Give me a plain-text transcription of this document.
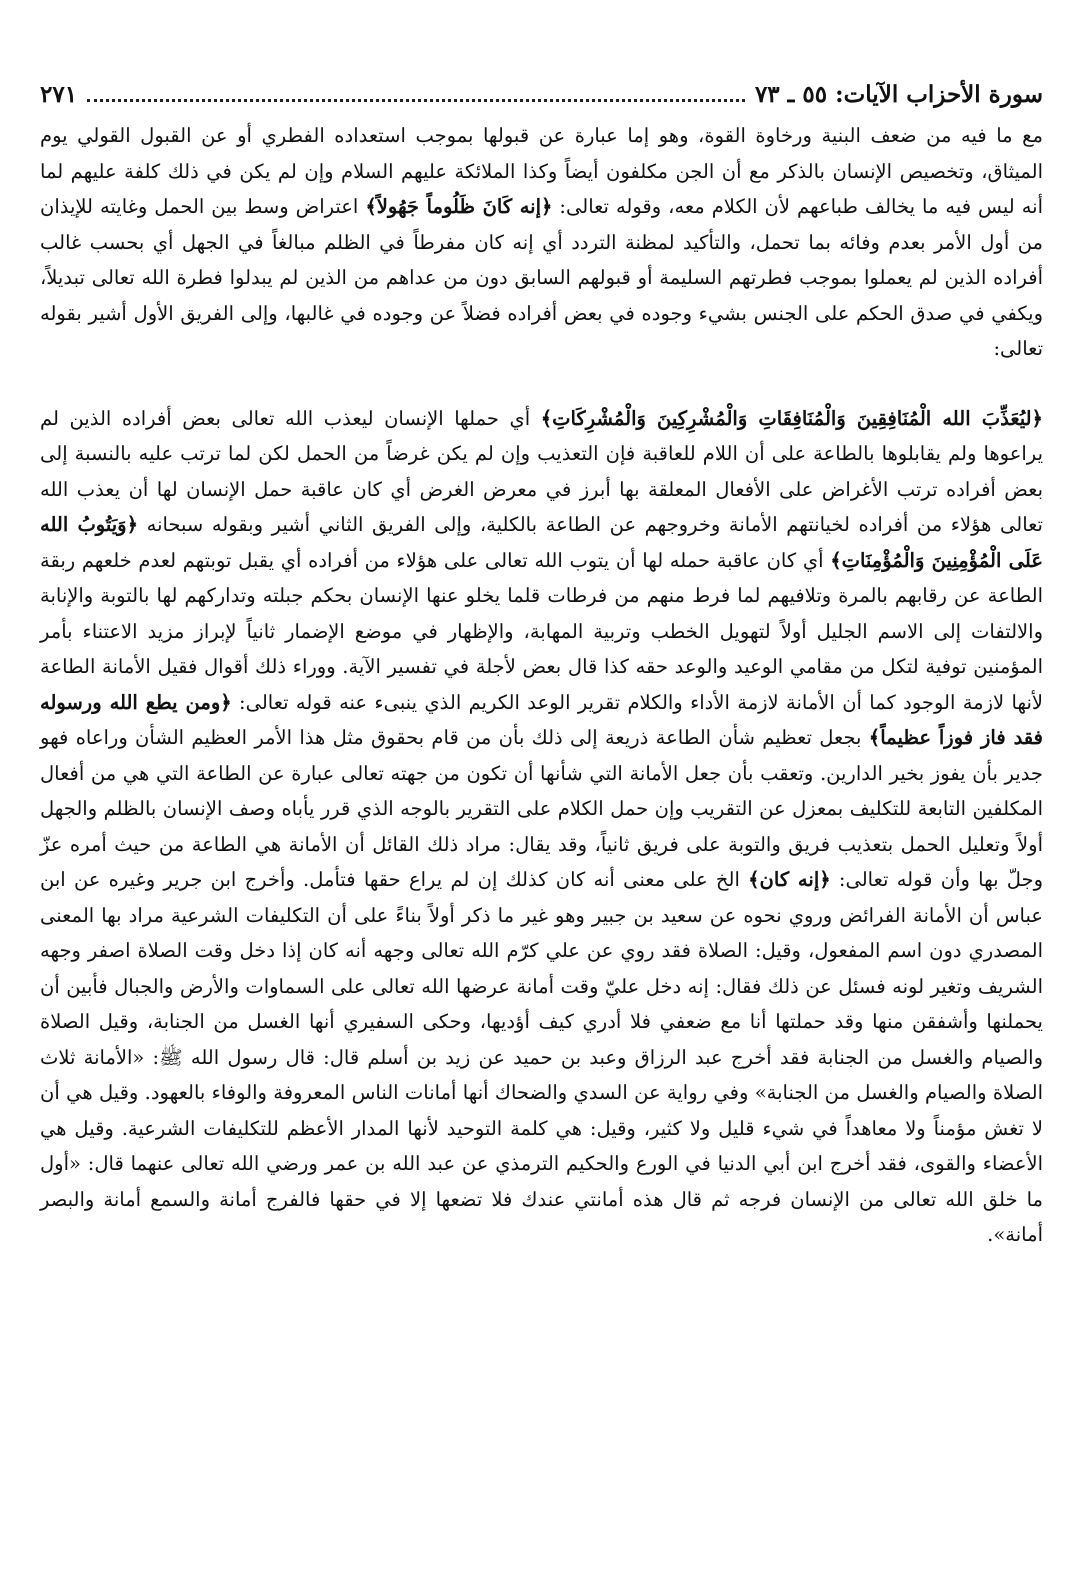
سورة الأحزاب الآيات: ٥٥ ـ ٧٣
٢٧١

مع ما فيه من ضعف البنية ورخاوة القوة، وهو إما عبارة عن قبولها بموجب استعداده الفطري أو عن القبول القولي يوم الميثاق، وتخصيص الإنسان بالذكر مع أن الجن مكلفون أيضاً وكذا الملائكة عليهم السلام وإن لم يكن في ذلك كلفة عليهم لما أنه ليس فيه ما يخالف طباعهم لأن الكلام معه، وقوله تعالى: ﴿إنه كَانَ ظَلُوماً جَهُولاً﴾ اعتراض وسط بين الحمل وغايته للإيذان من أول الأمر بعدم وفائه بما تحمل، والتأكيد لمظنة التردد أي إنه كان مفرطاً في الظلم مبالغاً في الجهل أي بحسب غالب أفراده الذين لم يعملوا بموجب فطرتهم السليمة أو قبولهم السابق دون من عداهم من الذين لم يبدلوا فطرة الله تعالى تبديلاً، ويكفي في صدق الحكم على الجنس بشيء وجوده في بعض أفراده فضلاً عن وجوده في غالبها، وإلى الفريق الأول أشير بقوله تعالى:

﴿ليُعَذِّبَ الله الْمُنَافِقِينَ وَالْمُنَافِقَاتِ وَالْمُشْرِكِينَ وَالْمُشْرِكَاتِ﴾ أي حملها الإنسان ليعذب الله تعالى بعض أفراده الذين لم يراعوها ولم يقابلوها بالطاعة على أن اللام للعاقبة فإن التعذيب وإن لم يكن غرضاً من الحمل لكن لما ترتب عليه بالنسبة إلى بعض أفراده ترتب الأغراض على الأفعال المعلقة بها أبرز في معرض الغرض أي كان عاقبة حمل الإنسان لها أن يعذب الله تعالى هؤلاء من أفراده لخيانتهم الأمانة وخروجهم عن الطاعة بالكلية، وإلى الفريق الثاني أشير وبقوله سبحانه ﴿وَيَتُوبُ الله عَلَى الْمُؤْمِنِينَ وَالْمُؤْمِنَاتِ﴾ أي كان عاقبة حمله لها أن يتوب الله تعالى على هؤلاء من أفراده أي يقبل توبتهم لعدم خلعهم ربقة الطاعة عن رقابهم بالمرة وتلافيهم لما فرط منهم من فرطات قلما يخلو عنها الإنسان بحكم جبلته وتداركهم لها بالتوبة والإنابة والالتفات إلى الاسم الجليل أولاً لتهويل الخطب وتربية المهابة، والإظهار في موضع الإضمار ثانياً لإبراز مزيد الاعتناء بأمر المؤمنين توفية لتكل من مقامي الوعيد والوعد حقه كذا قال بعض لأجلة في تفسير الآية. ووراء ذلك أقوال فقيل الأمانة الطاعة لأنها لازمة الوجود كما أن الأمانة لازمة الأداء والكلام تقرير الوعد الكريم الذي ينبىء عنه قوله تعالى: ﴿ومن يطع الله ورسوله فقد فاز فوزاً عظيماً﴾ بجعل تعظيم شأن الطاعة ذريعة إلى ذلك بأن من قام بحقوق مثل هذا الأمر العظيم الشأن وراعاه فهو جدير بأن يفوز بخير الدارين. وتعقب بأن جعل الأمانة التي شأنها أن تكون من جهته تعالى عبارة عن الطاعة التي هي من أفعال المكلفين التابعة للتكليف بمعزل عن التقريب وإن حمل الكلام على التقرير بالوجه الذي قرر يأباه وصف الإنسان بالظلم والجهل أولاً وتعليل الحمل بتعذيب فريق والتوبة على فريق ثانياً، وقد يقال: مراد ذلك القائل أن الأمانة هي الطاعة من حيث أمره عزّ وجلّ بها وأن قوله تعالى: ﴿إنه كان﴾ الخ على معنى أنه كان كذلك إن لم يراع حقها فتأمل. وأخرج ابن جرير وغيره عن ابن عباس أن الأمانة الفرائض وروي نحوه عن سعيد بن جبير وهو غير ما ذكر أولاً بناءً على أن التكليفات الشرعية مراد بها المعنى المصدري دون اسم المفعول، وقيل: الصلاة فقد روي عن علي كرّم الله تعالى وجهه أنه كان إذا دخل وقت الصلاة اصفر وجهه الشريف وتغير لونه فسئل عن ذلك فقال: إنه دخل عليّ وقت أمانة عرضها الله تعالى على السماوات والأرض والجبال فأبين أن يحملنها وأشفقن منها وقد حملتها أنا مع ضعفي فلا أدري كيف أؤديها، وحكى السفيري أنها الغسل من الجنابة، وقيل الصلاة والصيام والغسل من الجنابة فقد أخرج عبد الرزاق وعبد بن حميد عن زيد بن أسلم قال: قال رسول الله ﷺ: «الأمانة ثلاث الصلاة والصيام والغسل من الجنابة» وفي رواية عن السدي والضحاك أنها أمانات الناس المعروفة والوفاء بالعهود. وقيل هي أن لا تغش مؤمناً ولا معاهداً في شيء قليل ولا كثير، وقيل: هي كلمة التوحيد لأنها المدار الأعظم للتكليفات الشرعية. وقيل هي الأعضاء والقوى، فقد أخرج ابن أبي الدنيا في الورع والحكيم الترمذي عن عبد الله بن عمر ورضي الله تعالى عنهما قال: «أول ما خلق الله تعالى من الإنسان فرجه ثم قال هذه أمانتي عندك فلا تضعها إلا في حقها فالفرج أمانة والسمع أمانة والبصر أمانة».
